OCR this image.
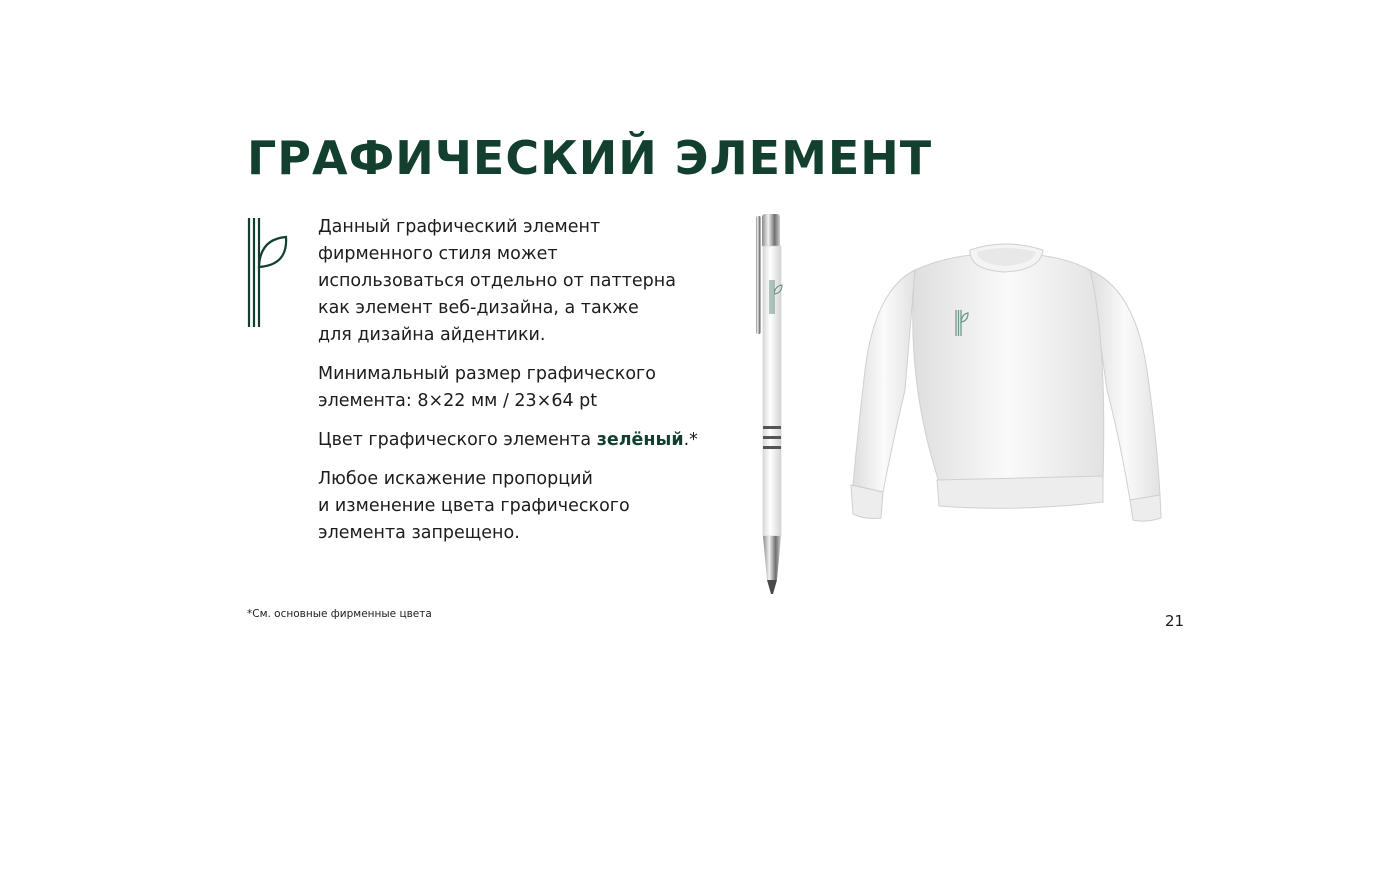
ГРАФИЧЕСКИЙ ЭЛЕМЕНТ

Данный графический элемент
фирменного стиля может
использоваться отдельно от паттерна
как элемент веб-дизайна, а также
для дизайна айдентики.

Минимальный размер графического
элемента: 8×22 мм / 23×64 pt

Цвет графического элемента зелёный.*

Любое искажение пропорций
и изменение цвета графического
элемента запрещено.

*См. основные фирменные цвета	21
